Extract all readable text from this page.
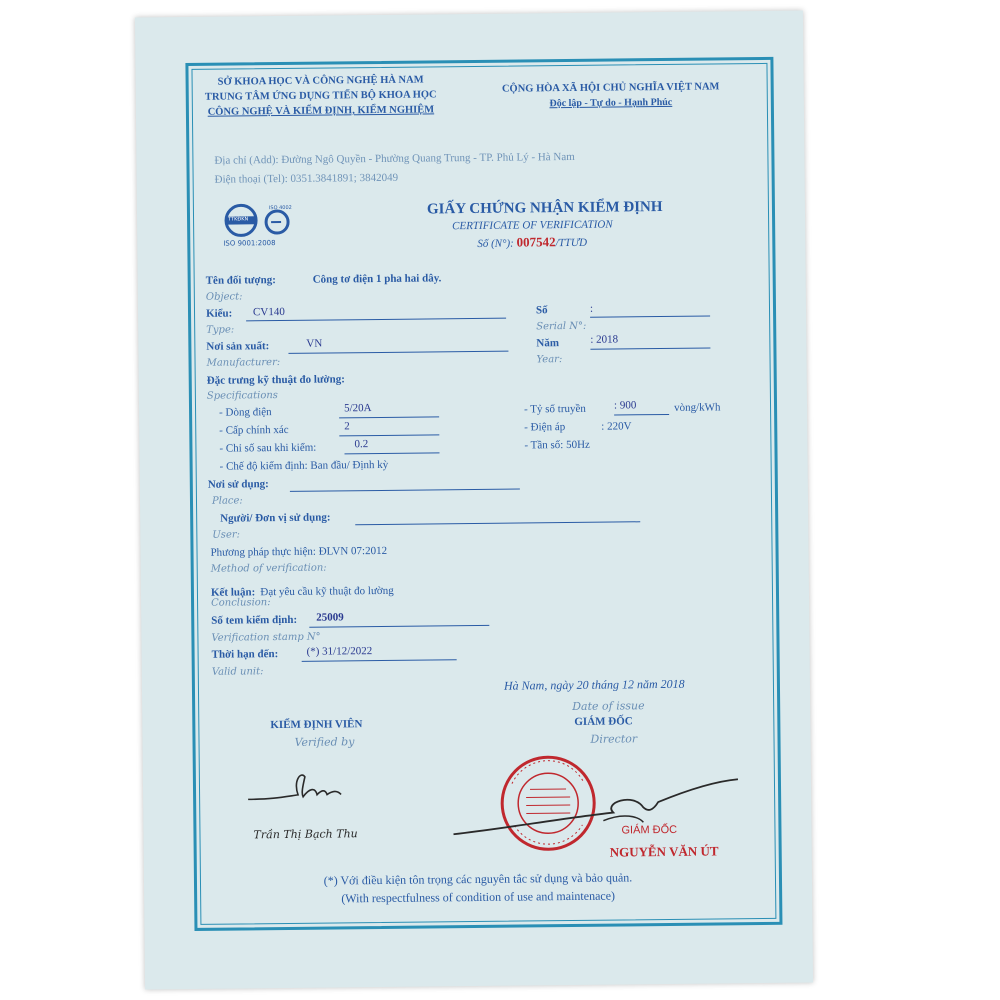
SỞ KHOA HỌC VÀ CÔNG NGHỆ HÀ NAM
TRUNG TÂM ỨNG DỤNG TIẾN BỘ KHOA HỌC
CÔNG NGHỆ VÀ KIỂM ĐỊNH, KIỂM NGHIỆM
CỘNG HÒA XÃ HỘI CHỦ NGHĨA VIỆT NAM
Độc lập - Tự do - Hạnh Phúc
Địa chỉ (Add): Đường Ngô Quyền - Phường Quang Trung - TP. Phủ Lý - Hà Nam
Điện thoại (Tel): 0351.3841891; 3842049
ISO 4002
TTKĐKN
ISO 9001:2008
GIẤY CHỨNG NHẬN KIỂM ĐỊNH
CERTIFICATE OF VERIFICATION
Số (N°): 007542/TTƯD
Tên đối tượng:	Công tơ điện 1 pha hai dây.
Object:
Kiểu: CV140	Số	:
Type:	Serial N°:
Nơi sản xuất:	VN	Năm	: 2018
Manufacturer:	Year:
Đặc trưng kỹ thuật đo lường:
Specifications
- Dòng điện	5/20A
- Cấp chính xác	2
- Chỉ số sau khi kiểm:	0.2
- Chế độ kiểm định: Ban đầu/ Định kỳ
- Tỷ số truyền	: 900	vòng/kWh
- Điện áp	: 220V
- Tần số: 50Hz
Nơi sử dụng:
Place:
Người/ Đơn vị sử dụng:
User:
Phương pháp thực hiện: ĐLVN 07:2012
Method of verification:
Kết luận: Đạt yêu cầu kỹ thuật đo lường
Conclusion:
Số tem kiểm định: 25009
Verification stamp N°
Thời hạn đến:	(*) 31/12/2022
Valid unit:
Hà Nam, ngày 20 tháng 12 năm 2018
Date of issue
GIÁM ĐỐC
Director
KIỂM ĐỊNH VIÊN
Verified by
Trần Thị Bạch Thu	GIÁM ĐỐC
NGUYỄN VĂN ÚT
(*) Với điều kiện tôn trọng các nguyên tắc sử dụng và bảo quản.
(With respectfulness of condition of use and maintenace)
